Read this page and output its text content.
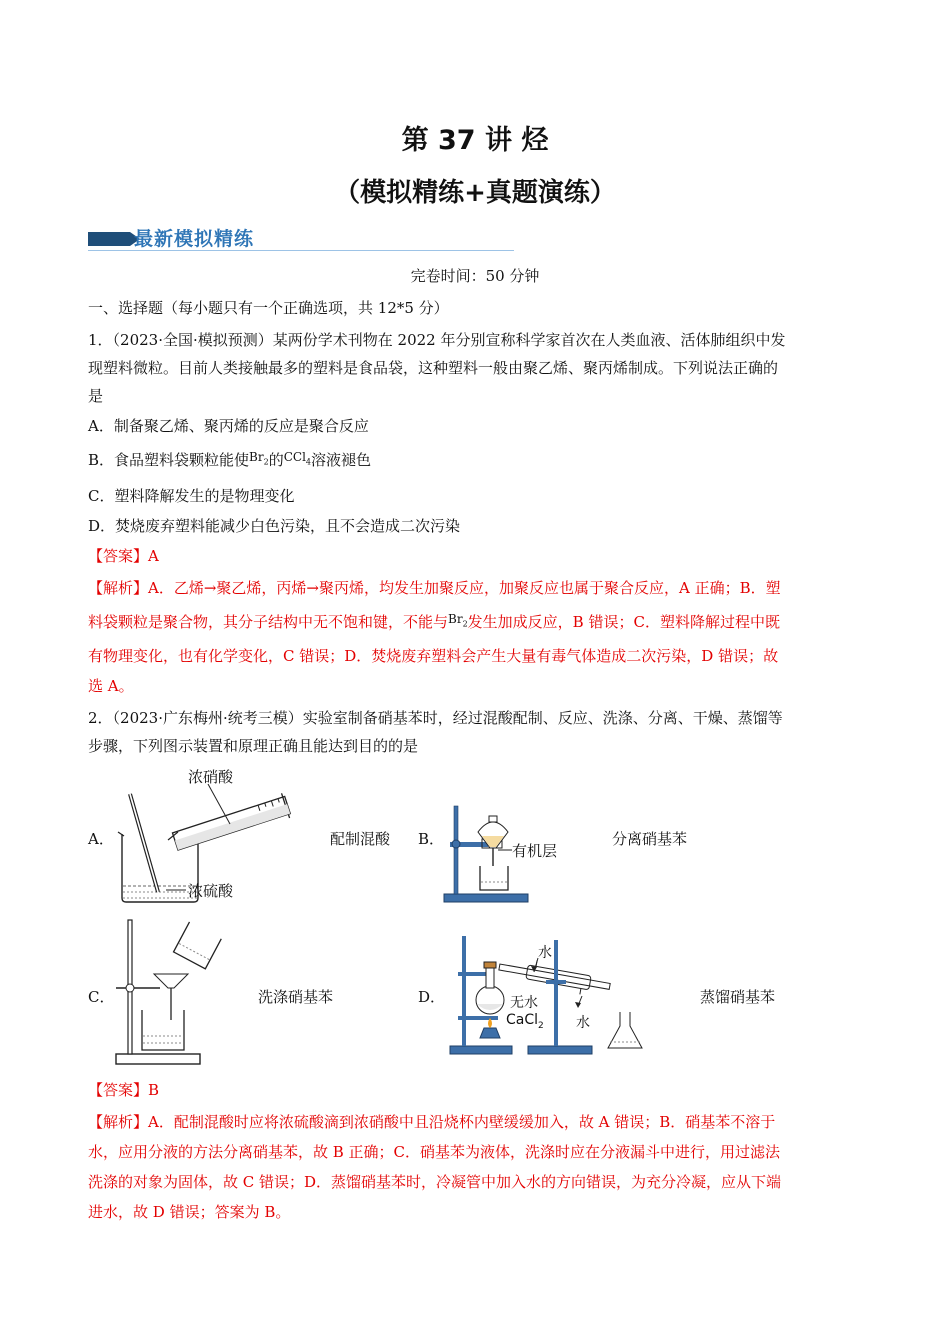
第 37 讲 烃
（模拟精练+真题演练）
最新模拟精练
完卷时间：50 分钟
一、选择题（每小题只有一个正确选项，共 12*5 分）
1．（2023·全国·模拟预测）某两份学术刊物在 2022 年分别宣称科学家首次在人类血液、活体肺组织中发
现塑料微粒。目前人类接触最多的塑料是食品袋，这种塑料一般由聚乙烯、聚丙烯制成。下列说法正确的
是
A．制备聚乙烯、聚丙烯的反应是聚合反应
B．食品塑料袋颗粒能使$^{Br_2}$的$^{CCl_4}$溶液褪色
C．塑料降解发生的是物理变化
D．焚烧废弃塑料能减少白色污染，且不会造成二次污染
【答案】A
【解析】A．乙烯→聚乙烯，丙烯→聚丙烯，均发生加聚反应，加聚反应也属于聚合反应，A 正确；B．塑
料袋颗粒是聚合物，其分子结构中无不饱和键，不能与$^{Br_2}$发生加成反应，B 错误；C．塑料降解过程中既
有物理变化，也有化学变化，C 错误；D．焚烧废弃塑料会产生大量有毒气体造成二次污染，D 错误；故
选 A。
2．（2023·广东梅州·统考三模）实验室制备硝基苯时，经过混酸配制、反应、洗涤、分离、干燥、蒸馏等
步骤，下列图示装置和原理正确且能达到目的的是
A．
浓硝酸
浓硫酸
配制混酸 B．
有机层
分离硝基苯
C．	洗涤硝基苯	D．
水
无水
CaCl$_2$ 水
蒸馏硝基苯
【答案】B
【解析】A．配制混酸时应将浓硫酸滴到浓硝酸中且沿烧杯内壁缓缓加入，故 A 错误；B．硝基苯不溶于
水，应用分液的方法分离硝基苯，故 B 正确；C．硝基苯为液体，洗涤时应在分液漏斗中进行，用过滤法
洗涤的对象为固体，故 C 错误；D．蒸馏硝基苯时，冷凝管中加入水的方向错误，为充分冷凝，应从下端
进水，故 D 错误；答案为 B。
